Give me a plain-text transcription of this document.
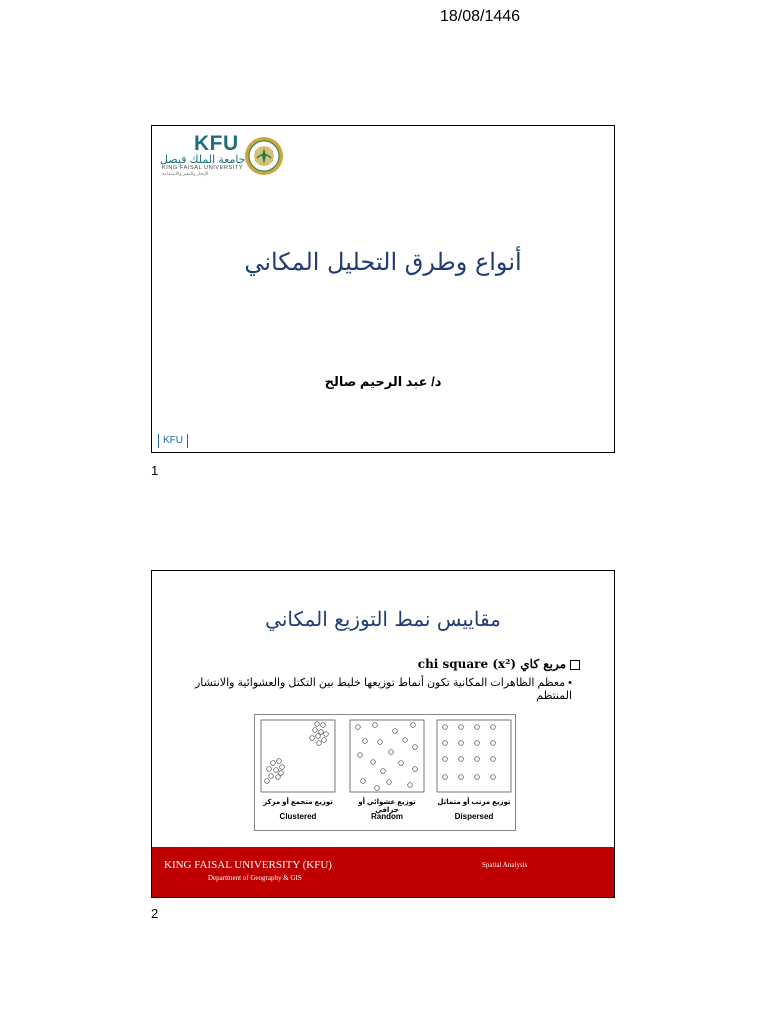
18/08/1446
KFU
جامعة الملك فيصل
KING FAISAL UNIVERSITY
الإنجاز والتميز والاستدامة
أنواع وطرق التحليل المكاني
د/ عبد الرحيم صالح
KFU
1
مقاييس نمط التوزيع المكاني
مربع كاي (x²) chi square
• معظم الظاهرات المكانية تكون أنماط توزيعها خليط بين التكتل والعشوائية والانتشار المنتظم
توزيع متجمع أو مركز
Clustered
توزيع عشوائي أو جزافي
Random
توزيع مرتب أو متماثل
Dispersed
KING FAISAL UNIVERSITY (KFU)
Department of Geography & GIS
Spatial Analysis
2
